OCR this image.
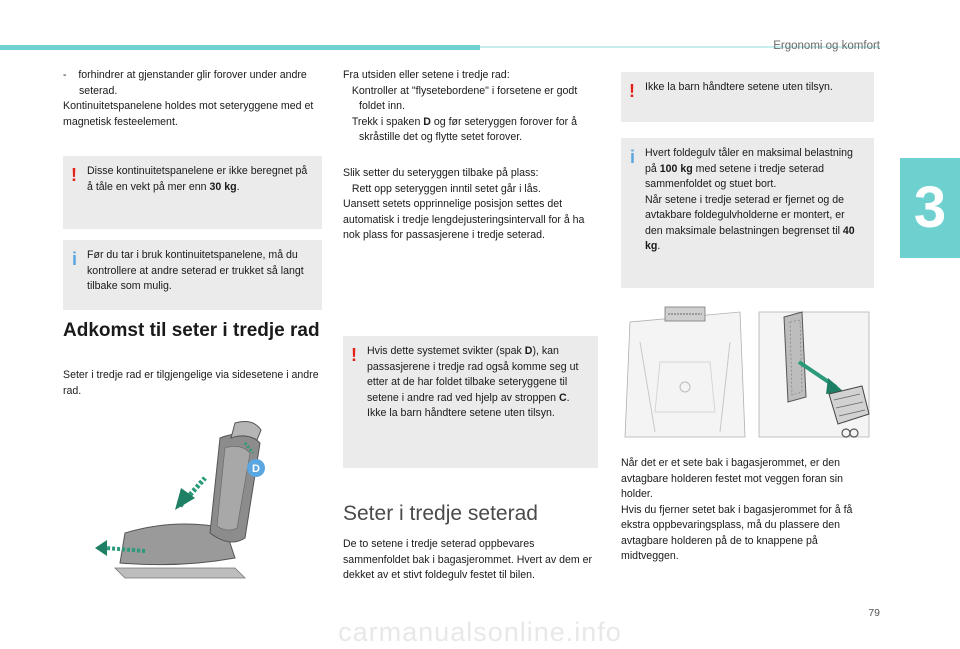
Ergonomi og komfort
3

- forhindrer at gjenstander glir forover under andre seterad.

Kontinuitetspanelene holdes mot seteryggene med et magnetisk festeelement.

! Disse kontinuitetspanelene er ikke beregnet på å tåle en vekt på mer enn 30 kg.
i Før du tar i bruk kontinuitetspanelene, må du kontrollere at andre seterad er trukket så langt tilbake som mulig.
Adkomst til seter i tredje rad
Seter i tredje rad er tilgjengelige via sidesetene i andre rad.
D

Fra utsiden eller setene i tredje rad:

Kontroller at "flysetebordene" i forsetene er godt foldet inn.

Trekk i spaken D og før seteryggen forover for å skråstille det og flytte setet forover.

Slik setter du seteryggen tilbake på plass:

Rett opp seteryggen inntil setet går i lås.

Uansett setets opprinnelige posisjon settes det automatisk i tredje lengdejusteringsintervall for å ha nok plass for passasjerene i tredje seterad.

! Hvis dette systemet svikter (spak D), kan passasjerene i tredje rad også komme seg ut etter at de har foldet tilbake seteryggene til setene i andre rad ved hjelp av stroppen C.

Ikke la barn håndtere setene uten tilsyn.

Seter i tredje seterad
De to setene i tredje seterad oppbevares sammenfoldet bak i bagasjerommet. Hvert av dem er dekket av et stivt foldegulv festet til bilen.
! Ikke la barn håndtere setene uten tilsyn.
i Hvert foldegulv tåler en maksimal belastning på 100 kg med setene i tredje seterad sammenfoldet og stuet bort.

Når setene i tredje seterad er fjernet og de avtakbare foldegulvholderne er montert, er den maksimale belastningen begrenset til 40 kg.

Når det er et sete bak i bagasjerommet, er den avtagbare holderen festet mot veggen foran sin holder.

Hvis du fjerner setet bak i bagasjerommet for å få ekstra oppbevaringsplass, må du plassere den avtagbare holderen på de to knappene på midtveggen.

79
carmanualsonline.info
